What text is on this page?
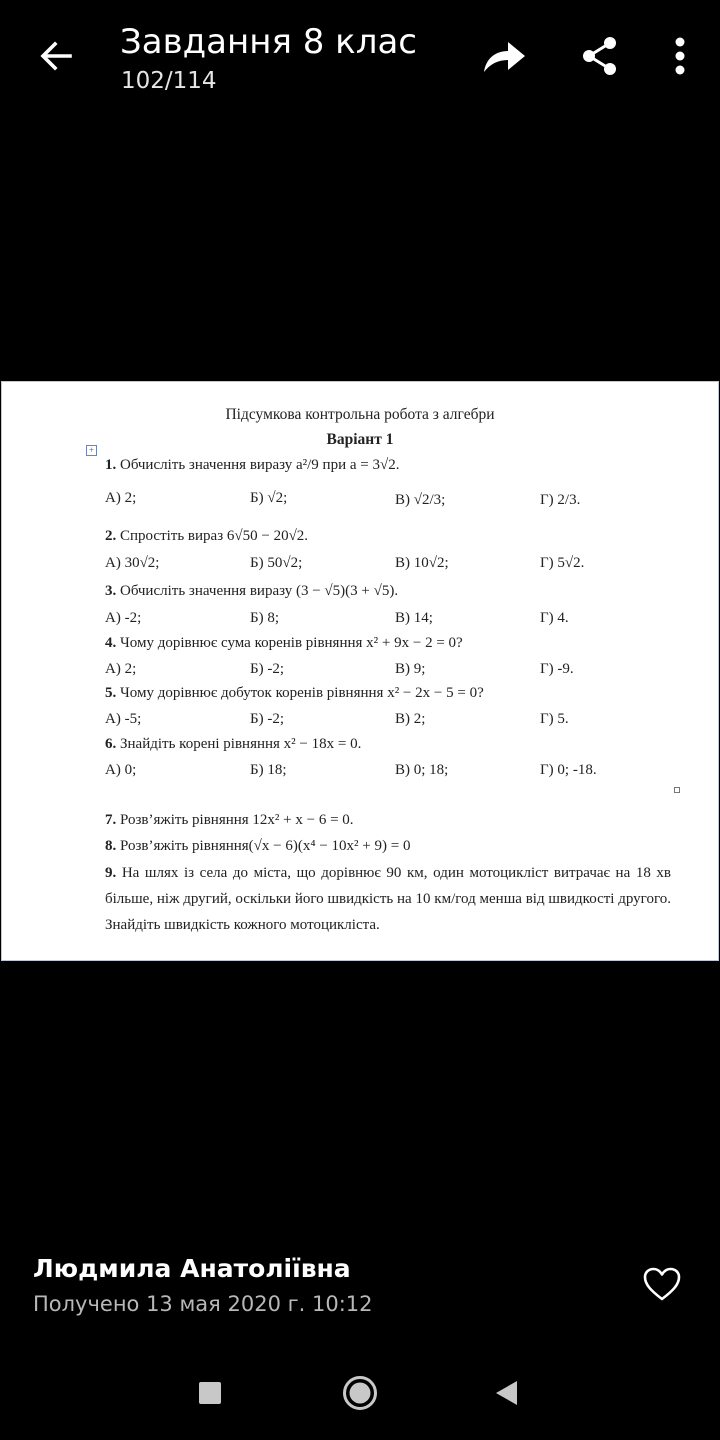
Завдання 8 клас
102/114
Підсумкова контрольна робота з алгебри
Варіант 1
+
1. Обчисліть значення виразу a²/9 при a = 3√2.
А) 2;	Б) √2;	В) √2/3;	Г) 2/3.
2. Спростіть вираз 6√50 − 20√2.
А) 30√2;	Б) 50√2;	В) 10√2;	Г) 5√2.
3. Обчисліть значення виразу (3 − √5)(3 + √5).
А) -2;	Б) 8;	В) 14;	Г) 4.
4. Чому дорівнює сума коренів рівняння x² + 9x − 2 = 0?
А) 2;	Б) -2;	В) 9;	Г) -9.
5. Чому дорівнює добуток коренів рівняння x² − 2x − 5 = 0?
А) -5;	Б) -2;	В) 2;	Г) 5.
6. Знайдіть корені рівняння x² − 18x = 0.
А) 0;	Б) 18;	В) 0; 18;	Г) 0; -18.
7. Розв’яжіть рівняння 12x² + x − 6 = 0.
8. Розв’яжіть рівняння(√x − 6)(x⁴ − 10x² + 9) = 0
9. На шлях із села до міста, що дорівнює 90 км, один мотоцикліст витрачає на 18 хв більше, ніж другий, оскільки його швидкість на 10 км/год менша від швидкості другого. Знайдіть швидкість кожного мотоцикліста.
Людмила Анатоліївна
Получено 13 мая 2020 г. 10:12
